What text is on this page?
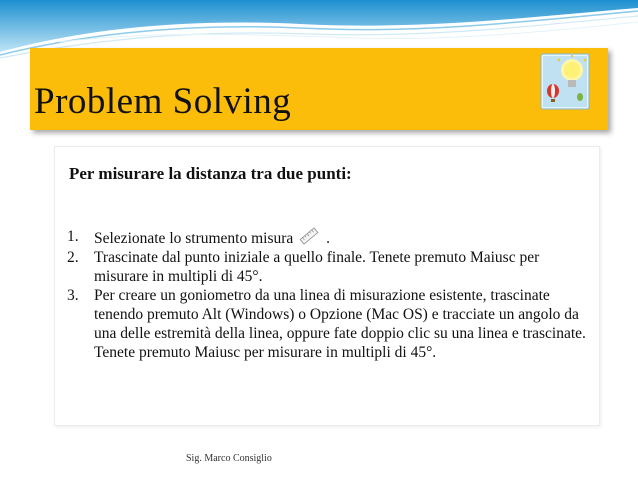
Problem Solving
Per misurare la distanza tra due punti:
1. Selezionate lo strumento misura .
2. Trascinate dal punto iniziale a quello finale. Tenete premuto Maiusc per misurare in multipli di 45°.
3. Per creare un goniometro da una linea di misurazione esistente, trascinate tenendo premuto Alt (Windows) o Opzione (Mac OS) e tracciate un angolo da una delle estremità della linea, oppure fate doppio clic su una linea e trascinate. Tenete premuto Maiusc per misurare in multipli di 45°.
Sig. Marco Consiglio
